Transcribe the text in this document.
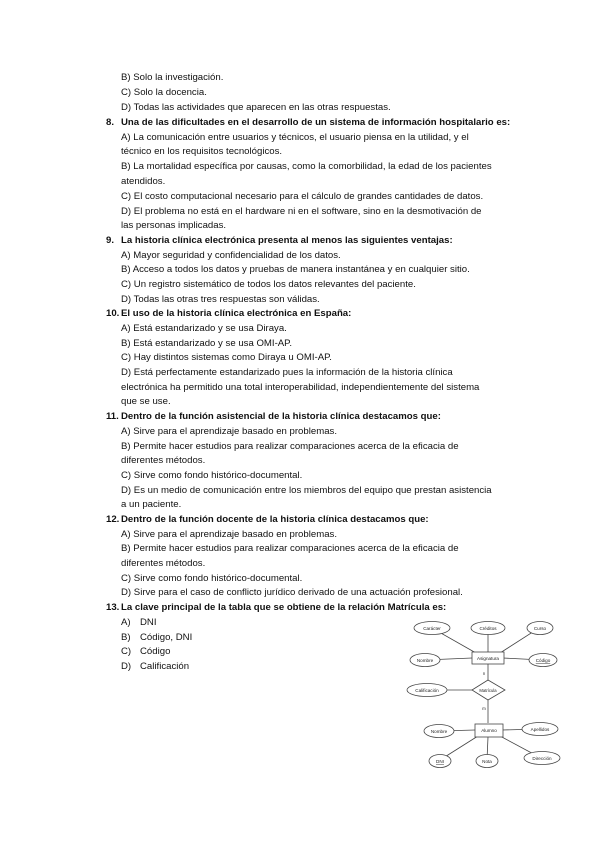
B) Solo la investigación.
C) Solo la docencia.
D) Todas las actividades que aparecen en las otras respuestas.
8. Una de las dificultades en el desarrollo de un sistema de información hospitalario es:
A) La comunicación entre usuarios y técnicos, el usuario piensa en la utilidad, y el
técnico en los requisitos tecnológicos.
B) La mortalidad específica por causas, como la comorbilidad, la edad de los pacientes
atendidos.
C) El costo computacional necesario para el cálculo de grandes cantidades de datos.
D) El problema no está en el hardware ni en el software, sino en la desmotivación de
las personas implicadas.
9. La historia clínica electrónica presenta al menos las siguientes ventajas:
A) Mayor seguridad y confidencialidad de los datos.
B) Acceso a todos los datos y pruebas de manera instantánea y en cualquier sitio.
C) Un registro sistemático de todos los datos relevantes del paciente.
D) Todas las otras tres respuestas son válidas.
10. El uso de la historia clínica electrónica en España:
A) Está estandarizado y se usa Diraya.
B) Está estandarizado y se usa OMI-AP.
C) Hay distintos sistemas como Diraya u OMI-AP.
D) Está perfectamente estandarizado pues la información de la historia clínica
electrónica ha permitido una total interoperabilidad, independientemente del sistema
que se use.
11. Dentro de la función asistencial de la historia clínica destacamos que:
A) Sirve para el aprendizaje basado en problemas.
B) Permite hacer estudios para realizar comparaciones acerca de la eficacia de
diferentes métodos.
C) Sirve como fondo histórico-documental.
D) Es un medio de comunicación entre los miembros del equipo que prestan asistencia
a un paciente.
12. Dentro de la función docente de la historia clínica destacamos que:
A) Sirve para el aprendizaje basado en problemas.
B) Permite hacer estudios para realizar comparaciones acerca de la eficacia de
diferentes métodos.
C) Sirve como fondo histórico-documental.
D) Sirve para el caso de conflicto jurídico derivado de una actuación profesional.
13. La clave principal de la tabla que se obtiene de la relación Matrícula es:
A) DNI
B) Código, DNI
C) Código
D) Calificación
Carácter	Créditos	Curso
Nombre	Código
Calificación
Nombre	Apellidos
DNI	Nota
Dirección
Asignatura
Alumno
Matrícula
n
m
